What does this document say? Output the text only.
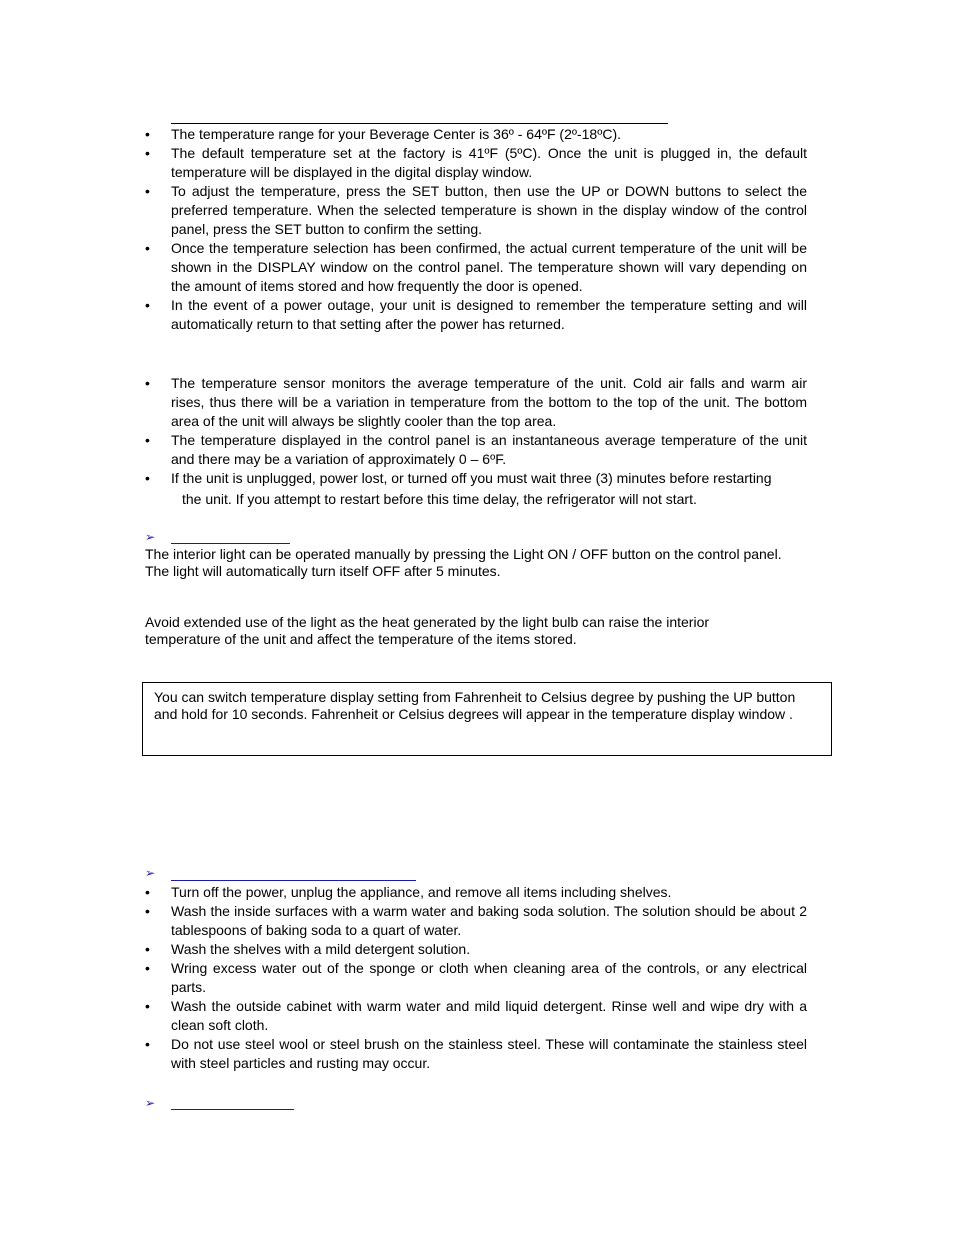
• The temperature range for your Beverage Center is 36º - 64ºF (2º-18ºC).
• The default temperature set at the factory is 41ºF (5ºC). Once the unit is plugged in, the default temperature will be displayed in the digital display window.
• To adjust the temperature, press the SET button, then use the UP or DOWN buttons to select the preferred temperature. When the selected temperature is shown in the display window of the control panel, press the SET button to confirm the setting.
• Once the temperature selection has been confirmed, the actual current temperature of the unit will be shown in the DISPLAY window on the control panel. The temperature shown will vary depending on the amount of items stored and how frequently the door is opened.
• In the event of a power outage, your unit is designed to remember the temperature setting and will automatically return to that setting after the power has returned.
• The temperature sensor monitors the average temperature of the unit. Cold air falls and warm air rises, thus there will be a variation in temperature from the bottom to the top of the unit. The bottom area of the unit will always be slightly cooler than the top area.
• The temperature displayed in the control panel is an instantaneous average temperature of the unit and there may be a variation of approximately 0 – 6ºF.
• If the unit is unplugged, power lost, or turned off you must wait three (3) minutes before restarting
the unit. If you attempt to restart before this time delay, the refrigerator will not start.
➢
The interior light can be operated manually by pressing the Light ON / OFF button on the control panel. The light will automatically turn itself OFF after 5 minutes.
Avoid extended use of the light as the heat generated by the light bulb can raise the interior temperature of the unit and affect the temperature of the items stored.

You can switch temperature display setting from Fahrenheit to Celsius degree by pushing the UP button and hold for 10 seconds. Fahrenheit or Celsius degrees will appear in the temperature display window .

➢
• Turn off the power, unplug the appliance, and remove all items including shelves.
• Wash the inside surfaces with a warm water and baking soda solution. The solution should be about 2 tablespoons of baking soda to a quart of water.
• Wash the shelves with a mild detergent solution.
• Wring excess water out of the sponge or cloth when cleaning area of the controls, or any electrical parts.
• Wash the outside cabinet with warm water and mild liquid detergent. Rinse well and wipe dry with a clean soft cloth.
• Do not use steel wool or steel brush on the stainless steel. These will contaminate the stainless steel with steel particles and rusting may occur.
➢
